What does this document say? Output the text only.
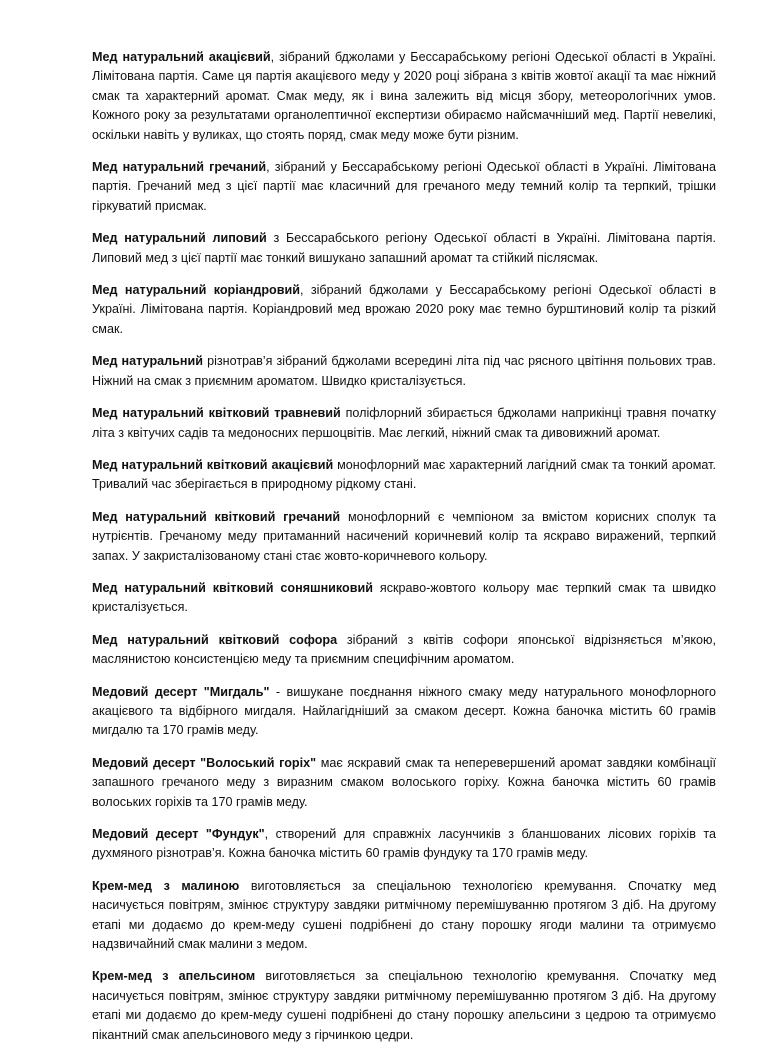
Мед натуральний акацієвий, зібраний бджолами у Бессарабському регіоні Одеської області в Україні. Лімітована партія. Саме ця партія акацієвого меду у 2020 році зібрана з квітів жовтої акації та має ніжний смак та характерний аромат. Смак меду, як і вина залежить від місця збору, метеорологічних умов. Кожного року за результатами органолептичної експертизи обираємо найсмачніший мед. Партії невеликі, оскільки навіть у вуликах, що стоять поряд, смак меду може бути різним.

Мед натуральний гречаний, зібраний у Бессарабському регіоні Одеської області в Україні. Лімітована партія. Гречаний мед з цієї партії має класичний для гречаного меду темний колір та терпкий, трішки гіркуватий присмак.

Мед натуральний липовий з Бессарабського регіону Одеської області в Україні. Лімітована партія. Липовий мед з цієї партії має тонкий вишукано запашний аромат та стійкий післясмак.

Мед натуральний коріандровий, зібраний бджолами у Бессарабському регіоні Одеської області в Україні. Лімітована партія. Коріандровий мед врожаю 2020 року має темно бурштиновий колір та різкий смак.

Мед натуральний різнотрав’я зібраний бджолами всередині літа під час рясного цвітіння польових трав. Ніжний на смак з приємним ароматом. Швидко кристалізується.

Мед натуральний квітковий травневий поліфлорний збирається бджолами наприкінці травня початку літа з квітучих садів та медоносних першоцвітів. Має легкий, ніжний смак та дивовижний аромат.

Мед натуральний квітковий акацієвий монофлорний має характерний лагідний смак та тонкий аромат. Тривалий час зберігається в природному рідкому стані.

Мед натуральний квітковий гречаний монофлорний є чемпіоном за вмістом корисних сполук та нутрієнтів. Гречаному меду притаманний насичений коричневий колір та яскраво виражений, терпкий запах. У закристалізованому стані стає жовто-коричневого кольору.

Мед натуральний квітковий соняшниковий яскраво-жовтого кольору має терпкий смак та швидко кристалізується.

Мед натуральний квітковий софора зібраний з квітів софори японської відрізняється м’якою, маслянистою консистенцією меду та приємним специфічним ароматом.

Медовий десерт "Мигдаль" - вишукане поєднання ніжного смаку меду натурального монофлорного акацієвого та відбірного мигдаля. Найлагідніший за смаком десерт. Кожна баночка містить 60 грамів мигдалю та 170 грамів меду.

Медовий десерт "Волоський горіх" має яскравий смак та неперевершений аромат завдяки комбінації запашного гречаного меду з виразним смаком волоського горіху. Кожна баночка містить 60 грамів волоських горіхів та 170 грамів меду.

Медовий десерт "Фундук", створений для справжніх ласунчиків з бланшованих лісових горіхів та духмяного різнотрав’я. Кожна баночка містить 60 грамів фундуку та 170 грамів меду.

Крем-мед з малиною виготовляється за спеціальною технологією кремування. Спочатку мед насичується повітрям, змінює структуру завдяки ритмічному перемішуванню протягом 3 діб. На другому етапі ми додаємо до крем-меду сушені подрібнені до стану порошку ягоди малини та отримуємо надзвичайний смак малини з медом.

Крем-мед з апельсином виготовляється за спеціальною технологію кремування. Спочатку мед насичується повітрям, змінює структуру завдяки ритмічному перемішуванню протягом 3 діб. На другому етапі ми додаємо до крем-меду сушені подрібнені до стану порошку апельсини з цедрою та отримуємо пікантний смак апельсинового меду з гірчинкою цедри.
